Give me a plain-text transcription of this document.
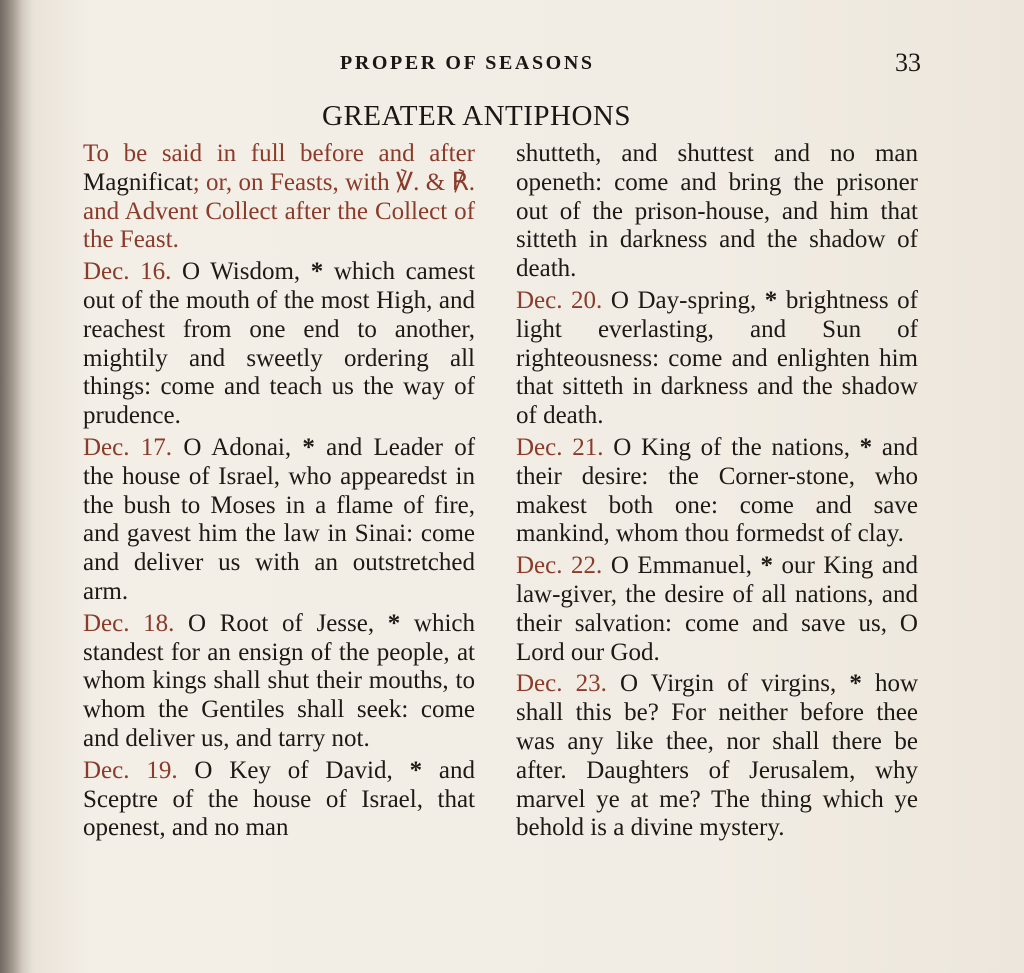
PROPER OF SEASONS	33
GREATER ANTIPHONS

To be said in full before and after Magnificat; or, on Feasts, with ℣. & ℟. and Advent Collect after the Collect of the Feast.

Dec. 16. O Wisdom, * which camest out of the mouth of the most High, and reachest from one end to another, mightily and sweetly ordering all things: come and teach us the way of prudence.

Dec. 17. O Adonai, * and Leader of the house of Israel, who appearedst in the bush to Moses in a flame of fire, and gavest him the law in Sinai: come and deliver us with an outstretched arm.

Dec. 18. O Root of Jesse, * which standest for an ensign of the people, at whom kings shall shut their mouths, to whom the Gentiles shall seek: come and deliver us, and tarry not.

Dec. 19. O Key of David, * and Sceptre of the house of Israel, that openest, and no man

shutteth, and shuttest and no man openeth: come and bring the prisoner out of the prison-house, and him that sitteth in darkness and the shadow of death.

Dec. 20. O Day-spring, * brightness of light everlasting, and Sun of righteousness: come and enlighten him that sitteth in darkness and the shadow of death.

Dec. 21. O King of the nations, * and their desire: the Corner-stone, who makest both one: come and save mankind, whom thou formedst of clay.

Dec. 22. O Emmanuel, * our King and law-giver, the desire of all nations, and their salvation: come and save us, O Lord our God.

Dec. 23. O Virgin of virgins, * how shall this be? For neither before thee was any like thee, nor shall there be after. Daughters of Jerusalem, why marvel ye at me? The thing which ye behold is a divine mystery.
